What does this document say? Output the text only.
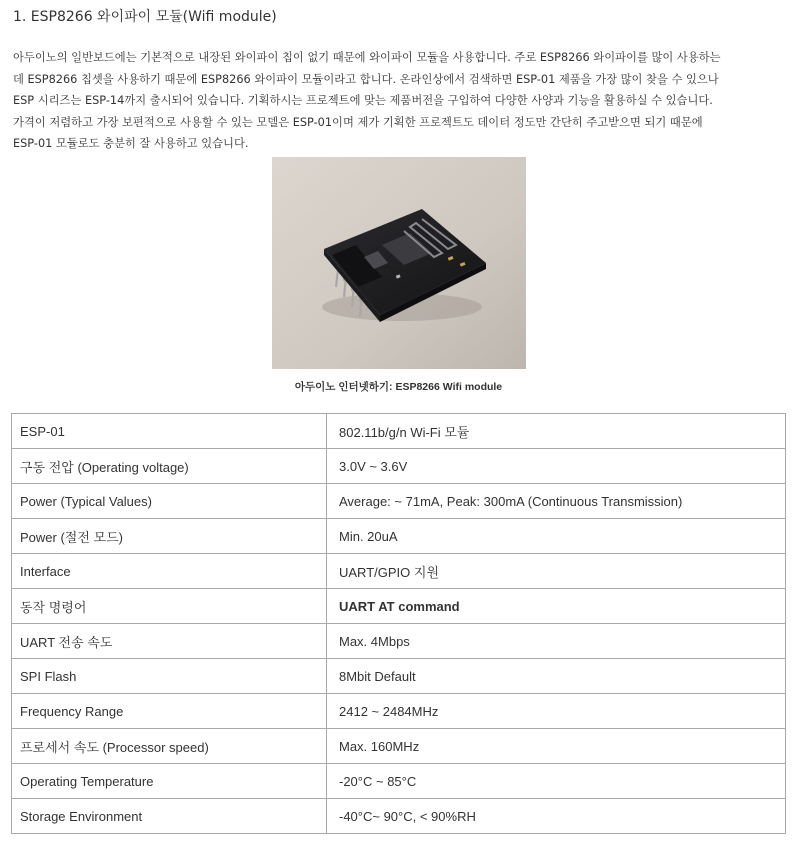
1. ESP8266 와이파이 모듈(Wifi module)
아두이노의 일반보드에는 기본적으로 내장된 와이파이 칩이 없기 때문에 와이파이 모듈을 사용합니다. 주로 ESP8266 와이파이를 많이 사용하는
데 ESP8266 칩셋을 사용하기 때문에 ESP8266 와이파이 모듈이라고 합니다. 온라인상에서 검색하면 ESP-01 제품을 가장 많이 찾을 수 있으나
ESP 시리즈는 ESP-14까지 출시되어 있습니다. 기획하시는 프로젝트에 맞는 제품버전을 구입하여 다양한 사양과 기능을 활용하실 수 있습니다.
가격이 저렴하고 가장 보편적으로 사용할 수 있는 모델은 ESP-01이며 제가 기획한 프로젝트도 데이터 정도만 간단히 주고받으면 되기 때문에
ESP-01 모듈로도 충분히 잘 사용하고 있습니다.
아두이노 인터넷하기: ESP8266 Wifi module
ESP-01	802.11b/g/n Wi-Fi 모듈
구동 전압 (Operating voltage)	3.0V ~ 3.6V
Power (Typical Values)	Average: ~ 71mA, Peak: 300mA (Continuous Transmission)
Power (절전 모드)	Min. 20uA
Interface	UART/GPIO 지원
동작 명령어	UART AT command
UART 전송 속도	Max. 4Mbps
SPI Flash	8Mbit Default
Frequency Range	2412 ~ 2484MHz
프로세서 속도 (Processor speed)	Max. 160MHz
Operating Temperature	-20°C ~ 85°C
Storage Environment	-40°C~ 90°C, < 90%RH
